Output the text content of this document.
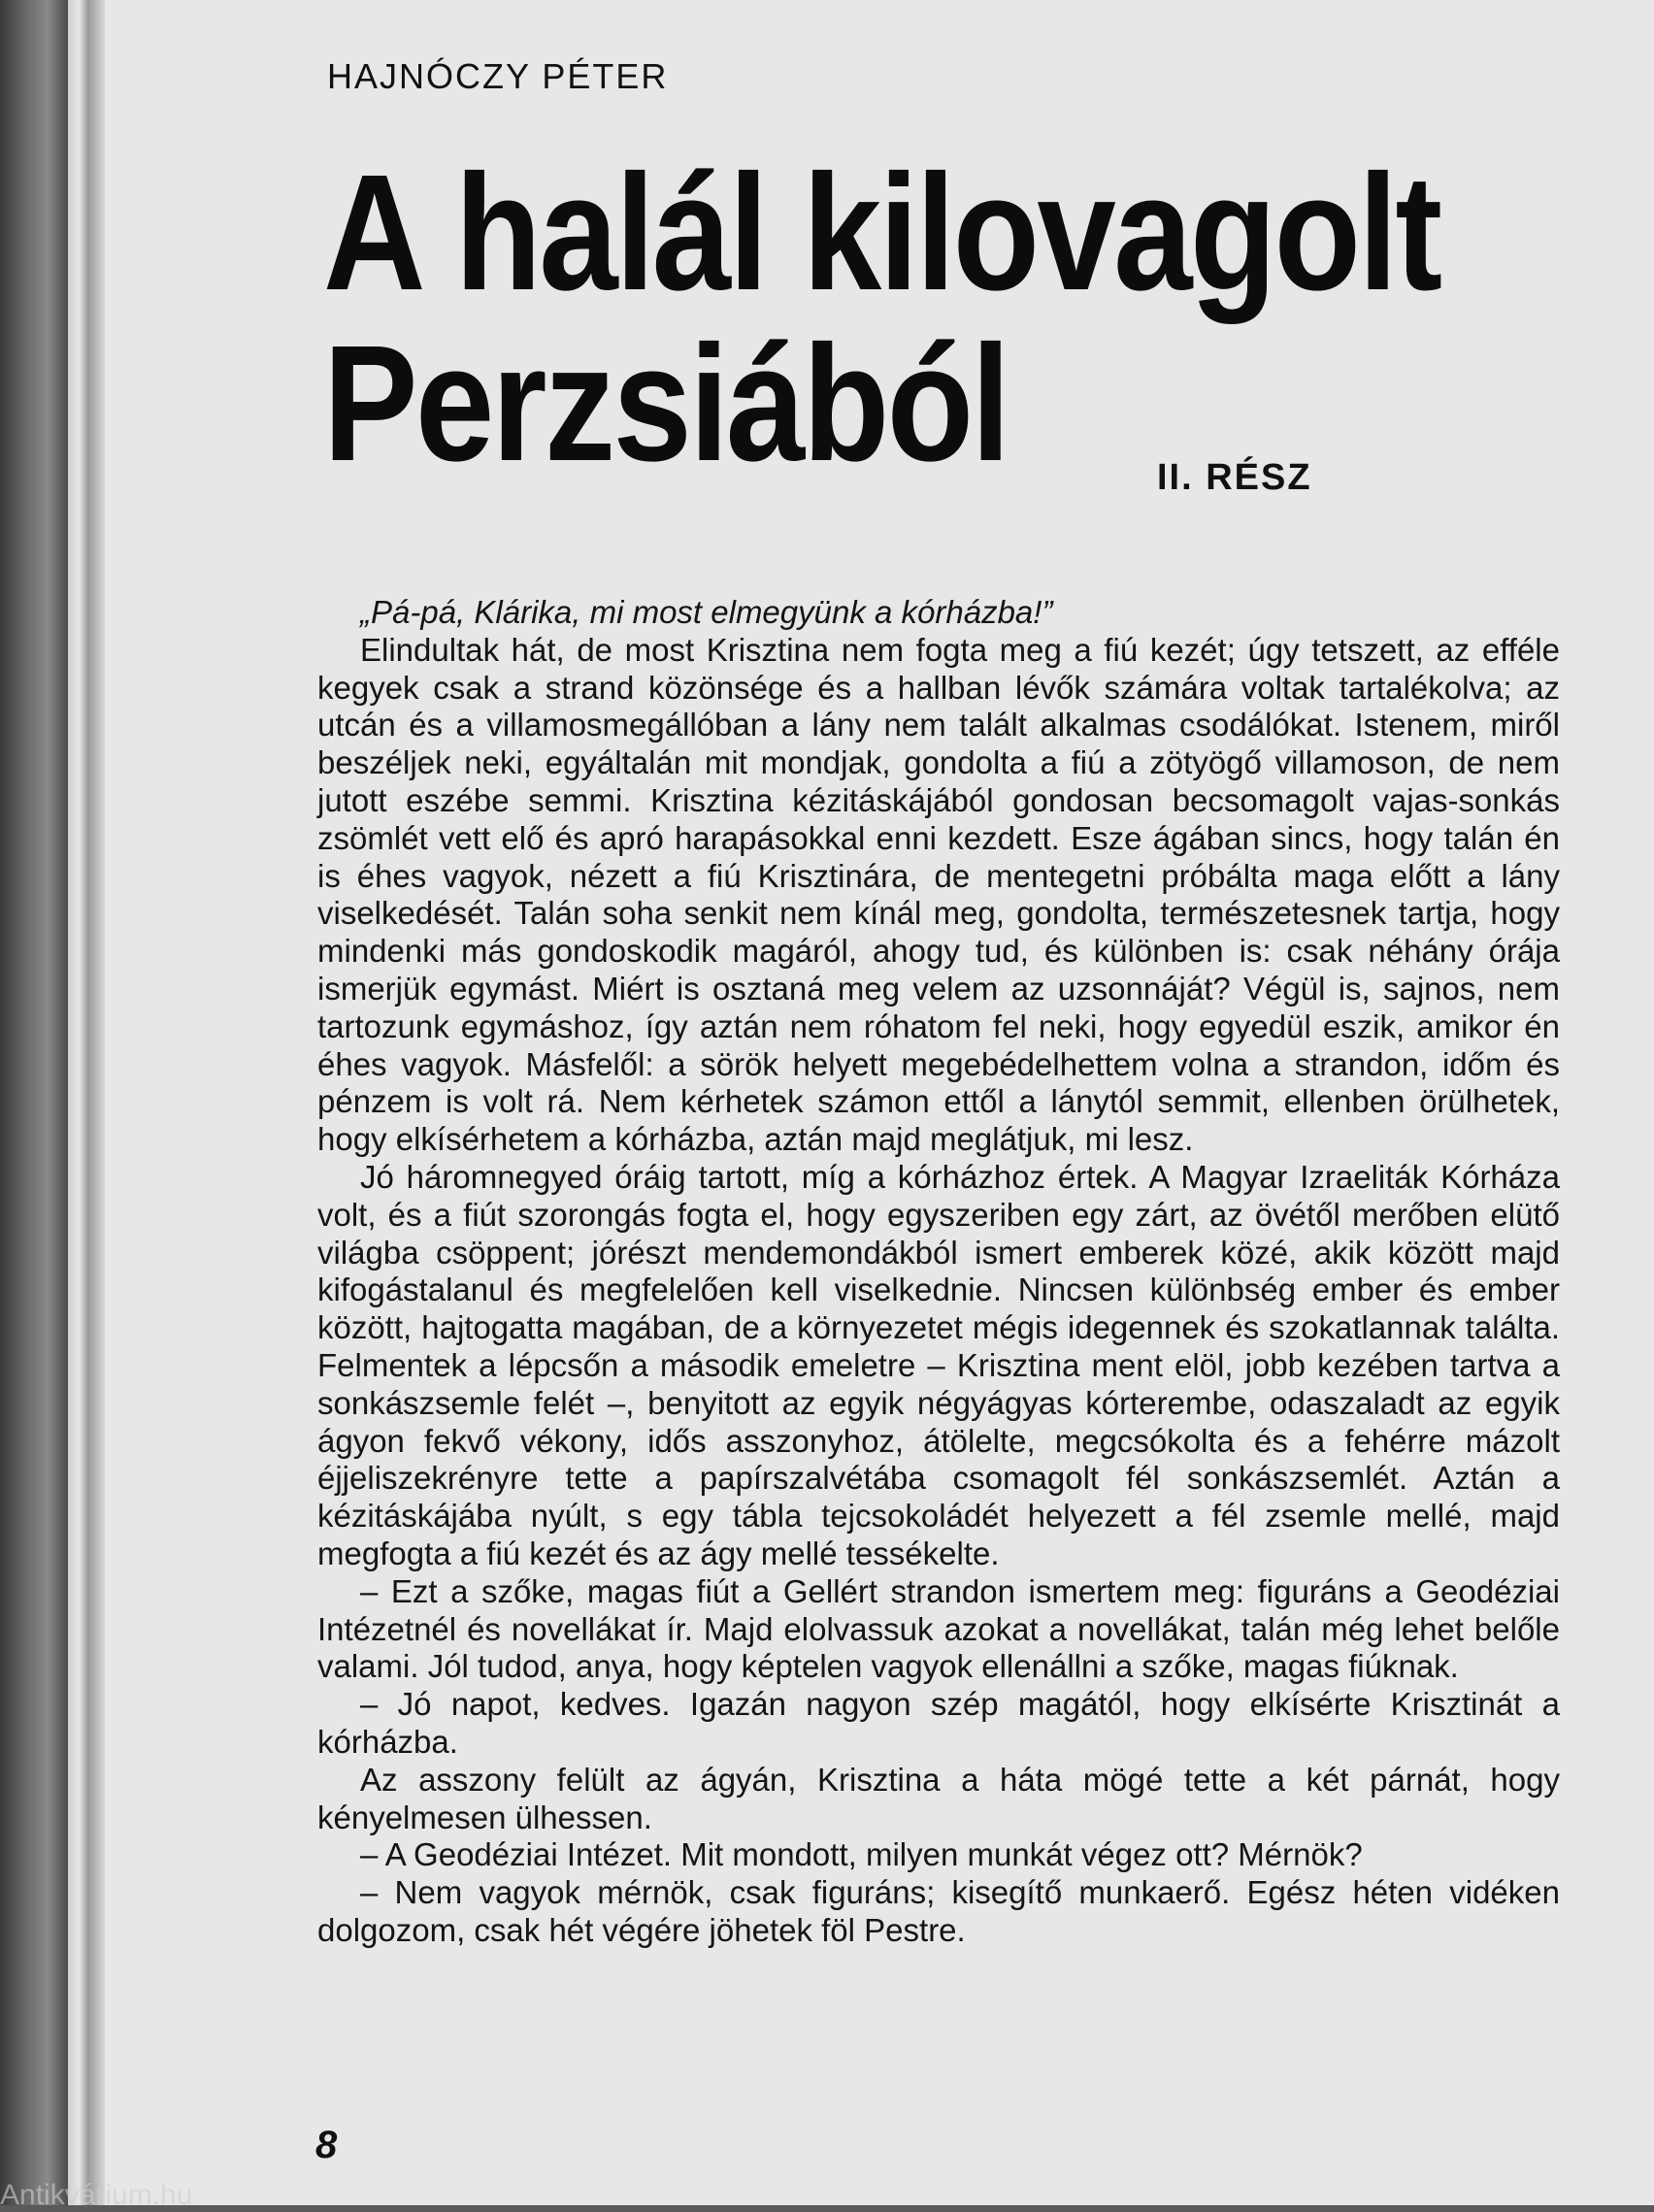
HAJNÓCZY PÉTER
A halál kilovagolt
Perzsiából	II. RÉSZ

„Pá-pá, Klárika, mi most elmegyünk a kórházba!”

Elindultak hát, de most Krisztina nem fogta meg a fiú kezét; úgy tetszett, az efféle kegyek csak a strand közönsége és a hallban lévők számára voltak tartalékolva; az utcán és a villamosmegállóban a lány nem talált alkalmas csodálókat. Istenem, miről beszéljek neki, egyáltalán mit mondjak, gondolta a fiú a zötyögő villamoson, de nem jutott eszébe semmi. Krisztina kézitáskájából gondosan becsomagolt vajas-sonkás zsömlét vett elő és apró harapásokkal enni kezdett. Esze ágában sincs, hogy talán én is éhes vagyok, nézett a fiú Krisztinára, de mentegetni próbálta maga előtt a lány viselkedését. Talán soha senkit nem kínál meg, gondolta, természetesnek tartja, hogy mindenki más gondoskodik magáról, ahogy tud, és különben is: csak néhány órája ismerjük egymást. Miért is osztaná meg velem az uzsonnáját? Végül is, sajnos, nem tartozunk egymáshoz, így aztán nem róhatom fel neki, hogy egyedül eszik, amikor én éhes vagyok. Másfelől: a sörök helyett megebédelhettem volna a strandon, időm és pénzem is volt rá. Nem kérhetek számon ettől a lánytól semmit, ellenben örülhetek, hogy elkísérhetem a kórházba, aztán majd meglátjuk, mi lesz.

Jó háromnegyed óráig tartott, míg a kórházhoz értek. A Magyar Izraeliták Kórháza volt, és a fiút szorongás fogta el, hogy egyszeriben egy zárt, az övétől merőben elütő világba csöppent; jórészt mendemondákból ismert emberek közé, akik között majd kifogástalanul és megfelelően kell viselkednie. Nincsen különbség ember és ember között, hajtogatta magában, de a környezetet mégis idegennek és szokatlannak találta. Felmentek a lépcsőn a második emeletre – Krisztina ment elöl, jobb kezében tartva a sonkászsemle felét –, benyitott az egyik négyágyas kórterembe, odaszaladt az egyik ágyon fekvő vékony, idős asszonyhoz, átölelte, megcsókolta és a fehérre mázolt éjjeliszekrényre tette a papírszalvétába csomagolt fél sonkászsemlét. Aztán a kézitáskájába nyúlt, s egy tábla tejcsokoládét helyezett a fél zsemle mellé, majd megfogta a fiú kezét és az ágy mellé tessékelte.

– Ezt a szőke, magas fiút a Gellért strandon ismertem meg: figuráns a Geodéziai Intézetnél és novellákat ír. Majd elolvassuk azokat a novellákat, talán még lehet belőle valami. Jól tudod, anya, hogy képtelen vagyok ellenállni a szőke, magas fiúknak.

– Jó napot, kedves. Igazán nagyon szép magától, hogy elkísérte Krisztinát a kórházba.

Az asszony felült az ágyán, Krisztina a háta mögé tette a két párnát, hogy kényelmesen ülhessen.

– A Geodéziai Intézet. Mit mondott, milyen munkát végez ott? Mérnök?

– Nem vagyok mérnök, csak figuráns; kisegítő munkaerő. Egész héten vidéken dolgozom, csak hét végére jöhetek föl Pestre.

8
Antikvárium.hu
